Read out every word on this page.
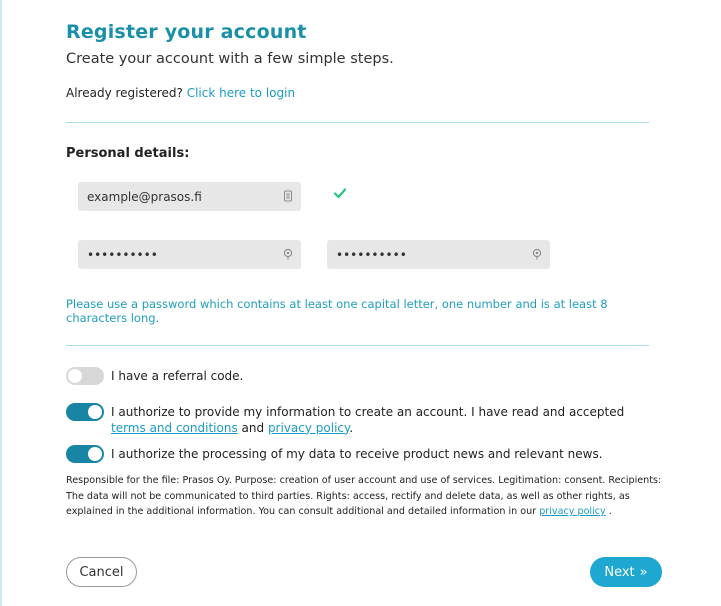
Register your account
Create your account with a few simple steps.
Already registered? Click here to login
Personal details:
example@prasos.fi
••••••••••
••••••••••
Please use a password which contains at least one capital letter, one number and is at least 8 characters long.
I have a referral code.
I authorize to provide my information to create an account. I have read and accepted terms and conditions and privacy policy.
I authorize the processing of my data to receive product news and relevant news.
Responsible for the file: Prasos Oy. Purpose: creation of user account and use of services. Legitimation: consent. Recipients: The data will not be communicated to third parties. Rights: access, rectify and delete data, as well as other rights, as explained in the additional information. You can consult additional and detailed information in our privacy policy .
Cancel	Next »
